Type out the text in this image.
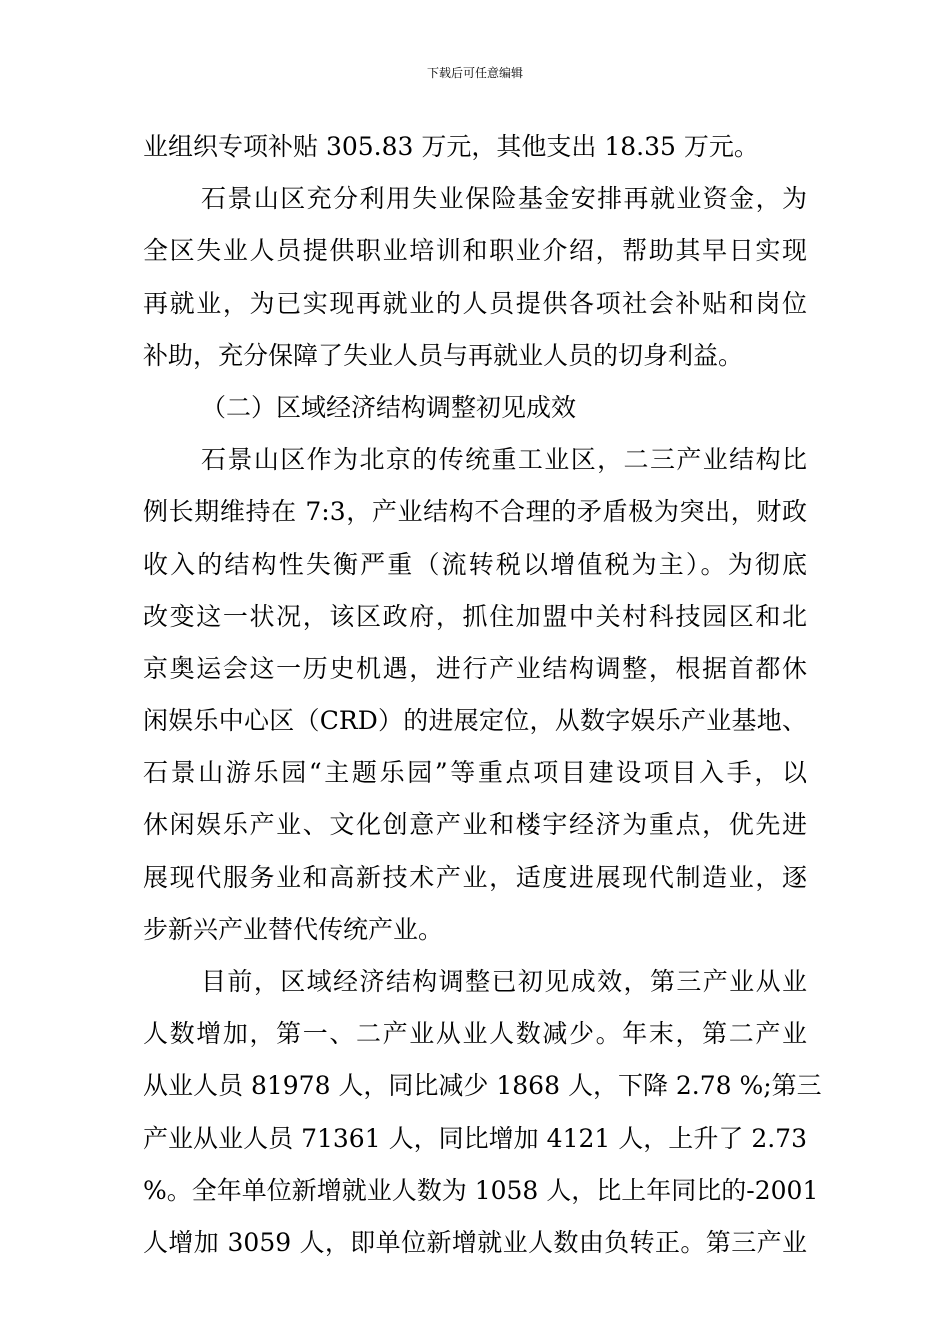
下载后可任意编辑
业组织专项补贴 305.83 万元，其他支出 18.35 万元。
石景山区充分利用失业保险基金安排再就业资金，为
全区失业人员提供职业培训和职业介绍，帮助其早日实现
再就业，为已实现再就业的人员提供各项社会补贴和岗位
补助，充分保障了失业人员与再就业人员的切身利益。
（二）区域经济结构调整初见成效
石景山区作为北京的传统重工业区，二三产业结构比
例长期维持在 7:3，产业结构不合理的矛盾极为突出，财政
收入的结构性失衡严重（流转税以增值税为主）。为彻底
改变这一状况，该区政府，抓住加盟中关村科技园区和北
京奥运会这一历史机遇，进行产业结构调整，根据首都休
闲娱乐中心区（CRD）的进展定位，从数字娱乐产业基地、
石景山游乐园“主题乐园”等重点项目建设项目入手，以
休闲娱乐产业、文化创意产业和楼宇经济为重点，优先进
展现代服务业和高新技术产业，适度进展现代制造业，逐
步新兴产业替代传统产业。
目前，区域经济结构调整已初见成效，第三产业从业
人数增加，第一、二产业从业人数减少。年末，第二产业
从业人员 81978 人，同比减少 1868 人，下降 2.78 %;第三
产业从业人员 71361 人，同比增加 4121 人，上升了 2.73
%。全年单位新增就业人数为 1058 人，比上年同比的-2001
人增加 3059 人，即单位新增就业人数由负转正。第三产业
